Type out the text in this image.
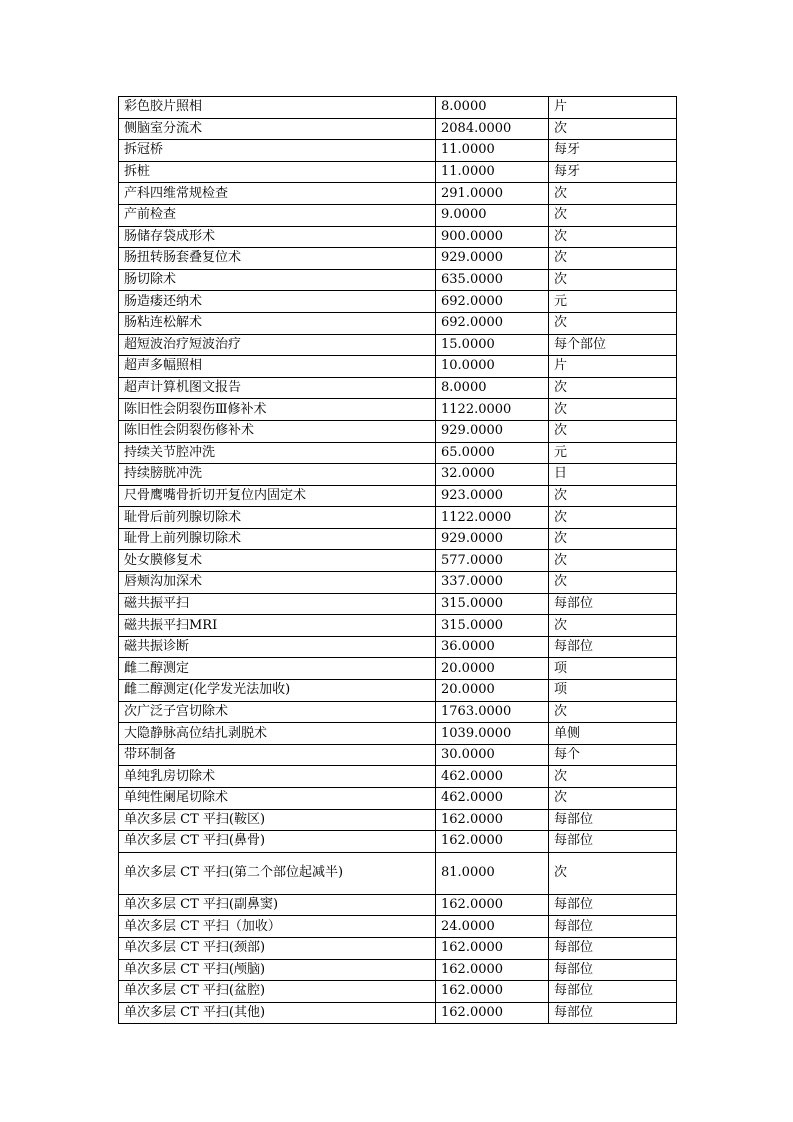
彩色胶片照相	8.0000	片
侧脑室分流术	2084.0000	次
拆冠桥	11.0000	每牙
拆桩	11.0000	每牙
产科四维常规检查	291.0000	次
产前检查	9.0000	次
肠储存袋成形术	900.0000	次
肠扭转肠套叠复位术	929.0000	次
肠切除术	635.0000	次
肠造瘘还纳术	692.0000	元
肠粘连松解术	692.0000	次
超短波治疗短波治疗	15.0000	每个部位
超声多幅照相	10.0000	片
超声计算机图文报告	8.0000	次
陈旧性会阴裂伤Ⅲ修补术	1122.0000	次
陈旧性会阴裂伤修补术	929.0000	次
持续关节腔冲洗	65.0000	元
持续膀胱冲洗	32.0000	日
尺骨鹰嘴骨折切开复位内固定术	923.0000	次
耻骨后前列腺切除术	1122.0000	次
耻骨上前列腺切除术	929.0000	次
处女膜修复术	577.0000	次
唇颊沟加深术	337.0000	次
磁共振平扫	315.0000	每部位
磁共振平扫MRI	315.0000	次
磁共振诊断	36.0000	每部位
雌二醇测定	20.0000	项
雌二醇测定(化学发光法加收)	20.0000	项
次广泛子宫切除术	1763.0000	次
大隐静脉高位结扎剥脱术	1039.0000	单侧
带环制备	30.0000	每个
单纯乳房切除术	462.0000	次
单纯性阑尾切除术	462.0000	次
单次多层 CT 平扫(鞍区)	162.0000	每部位
单次多层 CT 平扫(鼻骨)	162.0000	每部位
单次多层 CT 平扫(第二个部位起减半)	81.0000	次
单次多层 CT 平扫(副鼻窦)	162.0000	每部位
单次多层 CT 平扫（加收）	24.0000	每部位
单次多层 CT 平扫(颈部)	162.0000	每部位
单次多层 CT 平扫(颅脑)	162.0000	每部位
单次多层 CT 平扫(盆腔)	162.0000	每部位
单次多层 CT 平扫(其他)	162.0000	每部位
